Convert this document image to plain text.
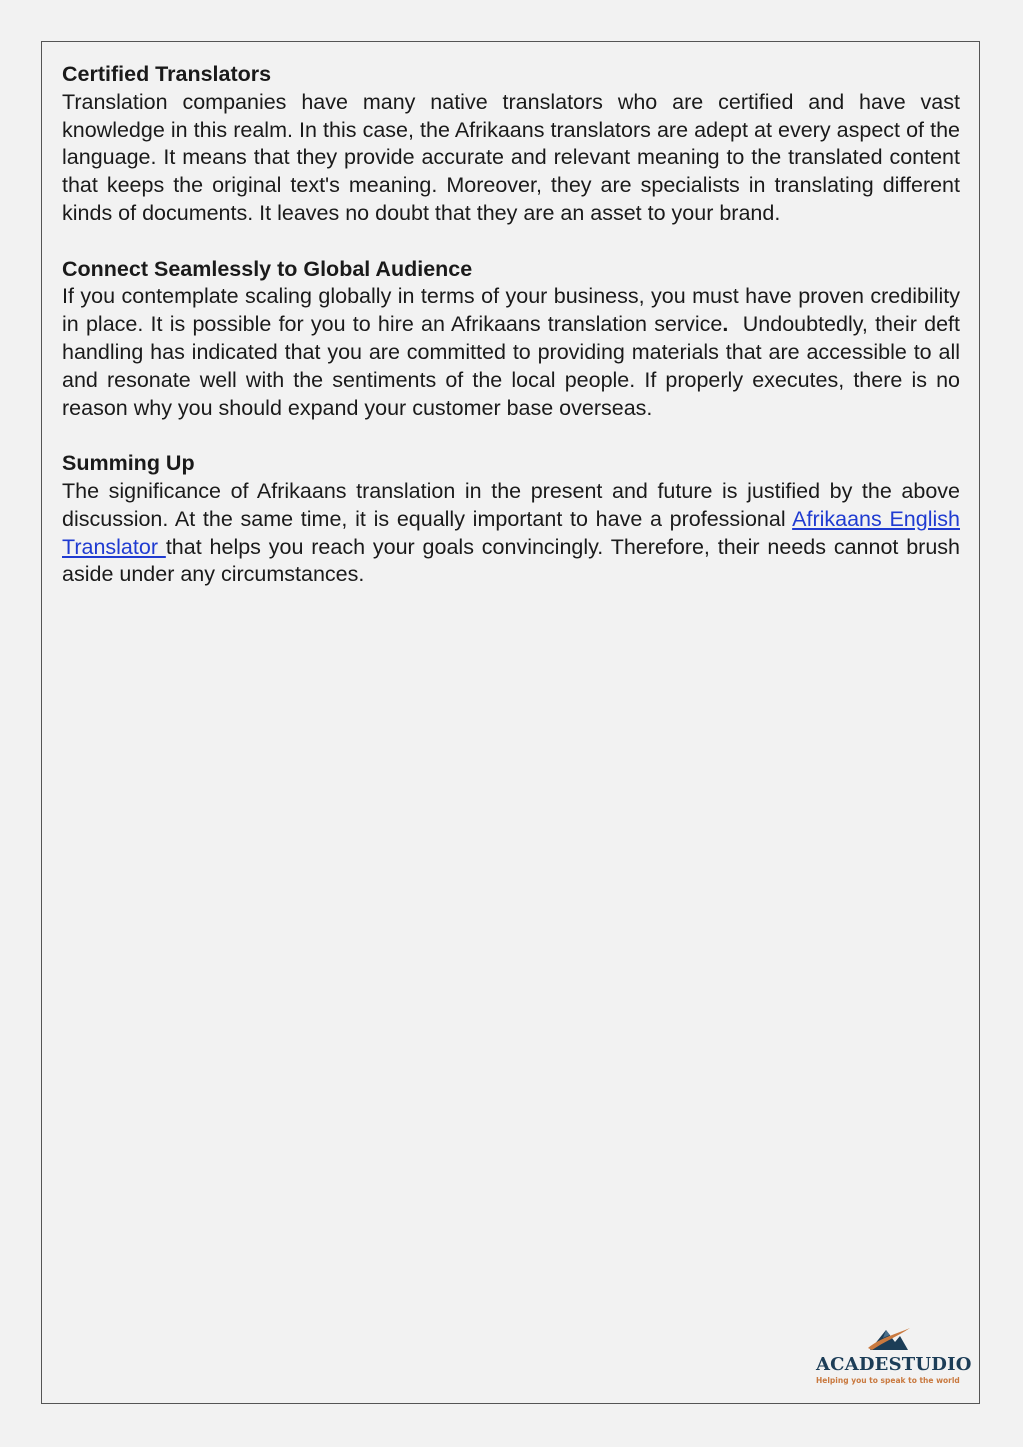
Certified Translators

Translation companies have many native translators who are certified and have vast knowledge in this realm. In this case, the Afrikaans translators are adept at every aspect of the language. It means that they provide accurate and relevant meaning to the translated content that keeps the original text's meaning. Moreover, they are specialists in translating different kinds of documents. It leaves no doubt that they are an asset to your brand.

Connect Seamlessly to Global Audience

If you contemplate scaling globally in terms of your business, you must have proven credibility in place. It is possible for you to hire an Afrikaans translation service.  Undoubtedly, their deft handling has indicated that you are committed to providing materials that are accessible to all and resonate well with the sentiments of the local people. If properly executes, there is no reason why you should expand your customer base overseas.

Summing Up

The significance of Afrikaans translation in the present and future is justified by the above discussion. At the same time, it is equally important to have a professional Afrikaans English Translator that helps you reach your goals convincingly. Therefore, their needs cannot brush aside under any circumstances.

ACADESTUDIO
Helping you to speak to the world
